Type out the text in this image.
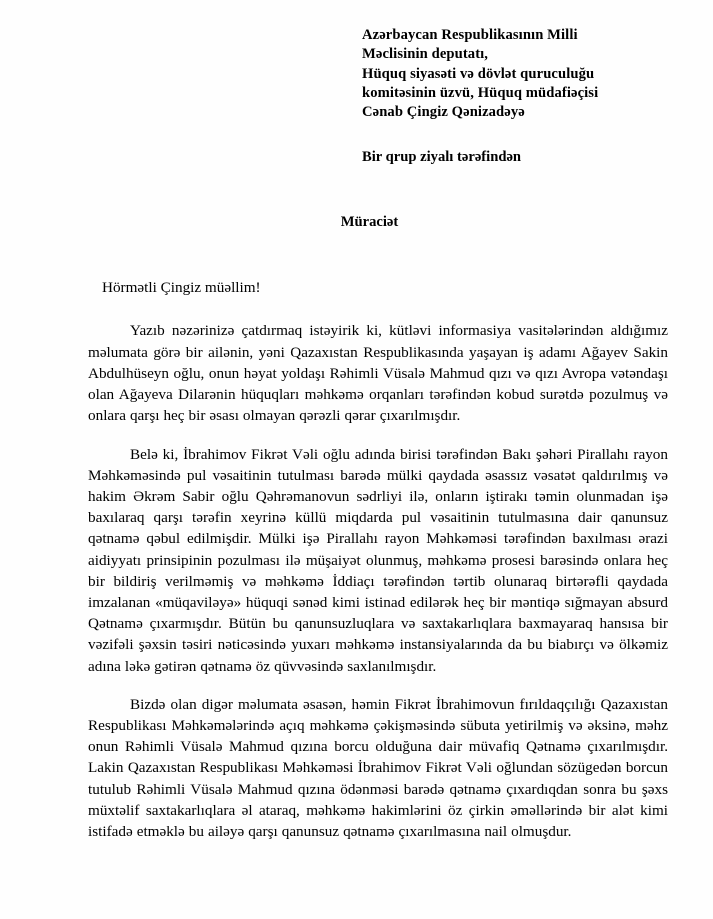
Azərbaycan Respublikasının Milli
Məclisinin deputatı,
Hüquq siyasəti və dövlət quruculuğu
komitəsinin üzvü, Hüquq müdafiəçisi
Cənab Çingiz Qənizadəyə
Bir qrup ziyalı tərəfindən
Müraciət
Hörmətli Çingiz müəllim!

Yazıb nəzərinizə çatdırmaq istəyirik ki, kütləvi informasiya vasitələrindən aldığımız məlumata görə bir ailənin, yəni Qazaxıstan Respublikasında yaşayan iş adamı Ağayev Sakin Abdulhüseyn oğlu, onun həyat yoldaşı Rəhimli Vüsalə Mahmud qızı və qızı Avropa vətəndaşı olan Ağayeva Dilarənin hüquqları məhkəmə orqanları tərəfindən kobud surətdə pozulmuş və onlara qarşı heç bir əsası olmayan qərəzli qərar çıxarılmışdır.

Belə ki, İbrahimov Fikrət Vəli oğlu adında birisi tərəfindən Bakı şəhəri Pirallahı rayon Məhkəməsində pul vəsaitinin tutulması barədə mülki qaydada əsassız vəsatət qaldırılmış və hakim Əkrəm Sabir oğlu Qəhrəmanovun sədrliyi ilə, onların iştirakı təmin olunmadan işə baxılaraq qarşı tərəfin xeyrinə küllü miqdarda pul vəsaitinin tutulmasına dair qanunsuz qətnamə qəbul edilmişdir. Mülki işə Pirallahı rayon Məhkəməsi tərəfindən baxılması ərazi aidiyyatı prinsipinin pozulması ilə müşaiyət olunmuş, məhkəmə prosesi barəsində onlara heç bir bildiriş verilməmiş və məhkəmə İddiaçı tərəfindən tərtib olunaraq birtərəfli qaydada imzalanan «müqaviləyə» hüquqi sənəd kimi istinad edilərək heç bir məntiqə sığmayan absurd Qətnamə çıxarmışdır. Bütün bu qanunsuzluqlara və saxtakarlıqlara baxmayaraq hansısa bir vəzifəli şəxsin təsiri nəticəsində yuxarı məhkəmə instansiyalarında da bu biabırçı və ölkəmiz adına ləkə gətirən qətnamə öz qüvvəsində saxlanılmışdır.

Bizdə olan digər məlumata əsasən, həmin Fikrət İbrahimovun fırıldaqçılığı Qazaxıstan Respublikası Məhkəmələrində açıq məhkəmə çəkişməsində sübuta yetirilmiş və əksinə, məhz onun Rəhimli Vüsalə Mahmud qızına borcu olduğuna dair müvafiq Qətnamə çıxarılmışdır. Lakin Qazaxıstan Respublikası Məhkəməsi İbrahimov Fikrət Vəli oğlundan sözügedən borcun tutulub Rəhimli Vüsalə Mahmud qızına ödənməsi barədə qətnamə çıxardıqdan sonra bu şəxs müxtəlif saxtakarlıqlara əl ataraq, məhkəmə hakimlərini öz çirkin əməllərində bir alət kimi istifadə etməklə bu ailəyə qarşı qanunsuz qətnamə çıxarılmasına nail olmuşdur.
